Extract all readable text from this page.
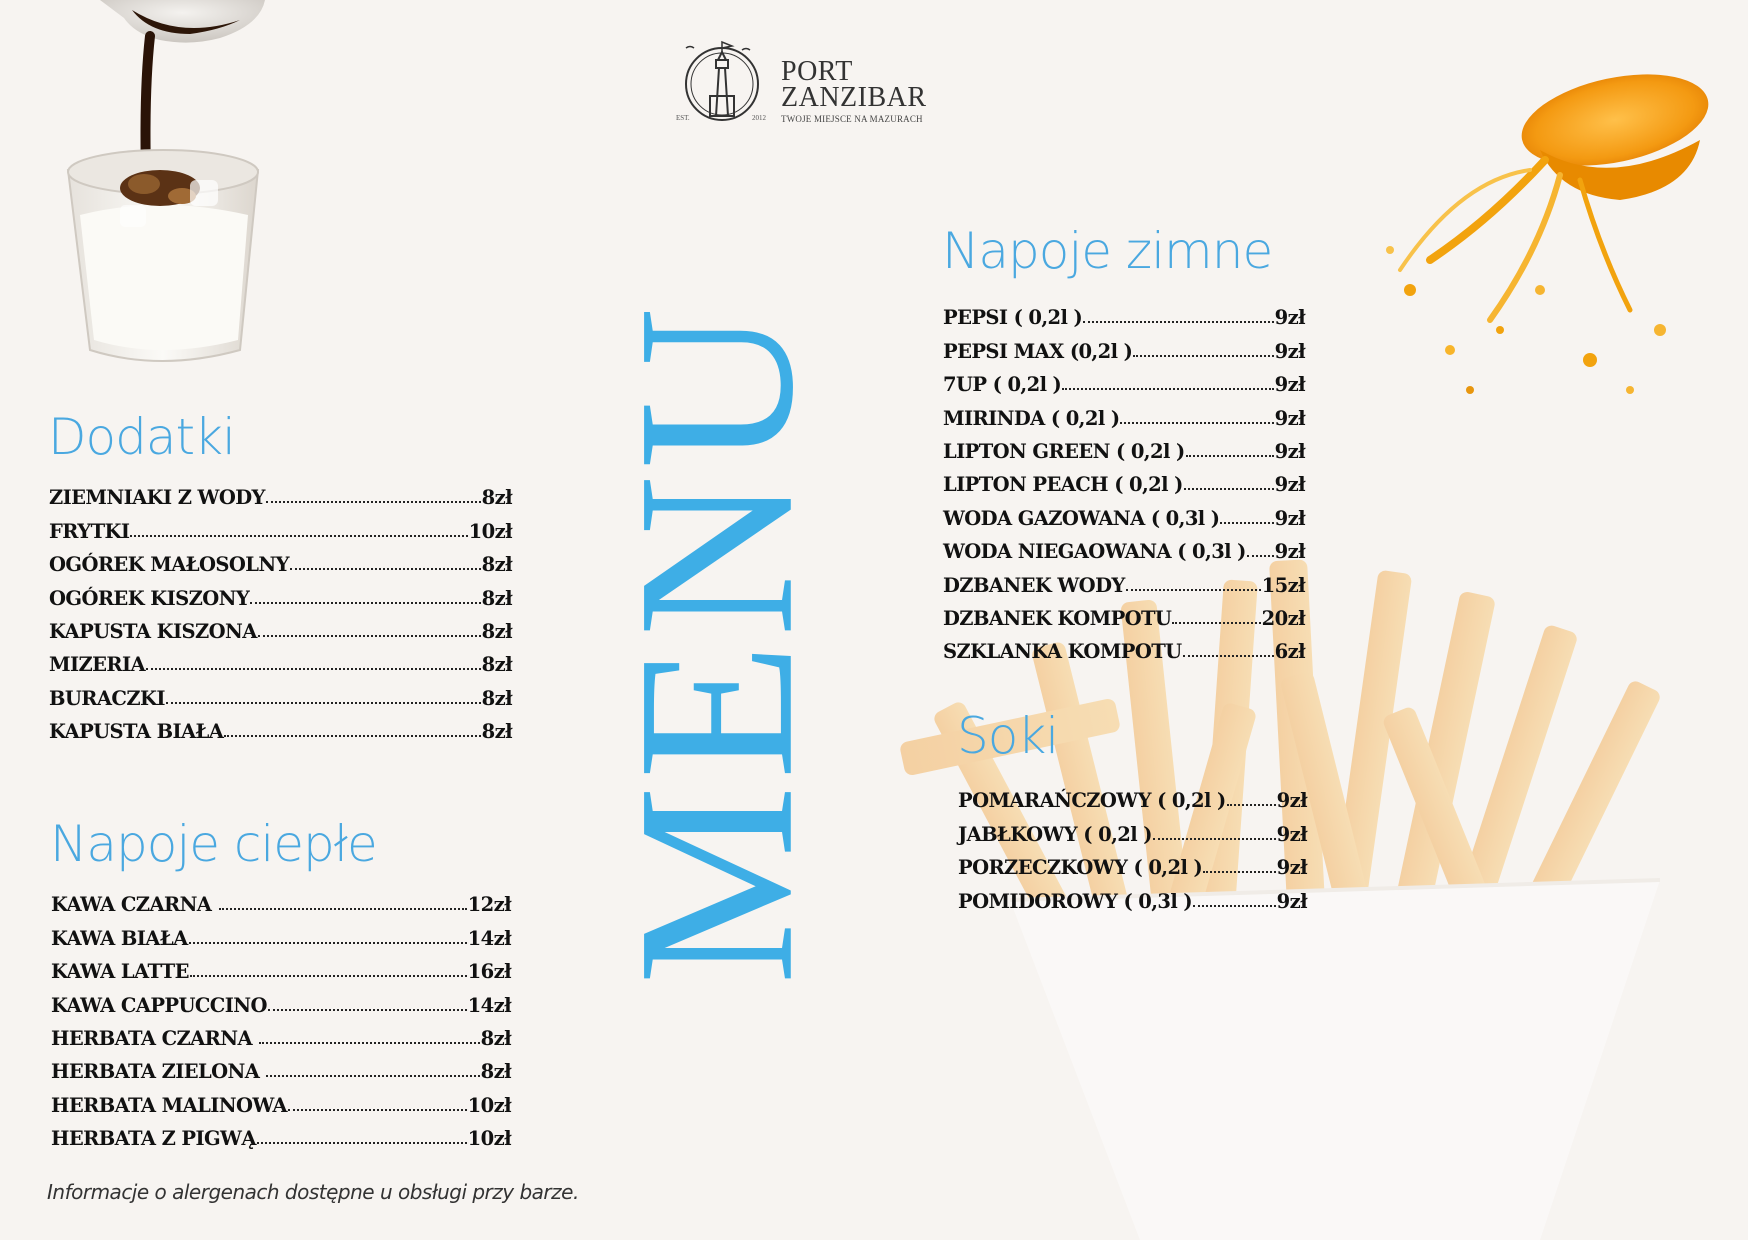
EST.	2012
PORT
ZANZIBAR
TWOJE MIEJSCE NA MAZURACH
MENU
Dodatki
ZIEMNIAKI Z WODY	8zł
FRYTKI	10zł
OGÓREK MAŁOSOLNY	8zł
OGÓREK KISZONY	8zł
KAPUSTA KISZONA	8zł
MIZERIA	8zł
BURACZKI	8zł
KAPUSTA BIAŁA	8zł
Napoje ciepłe
KAWA CZARNA	12zł
KAWA BIAŁA	14zł
KAWA LATTE	16zł
KAWA CAPPUCCINO	14zł
HERBATA CZARNA	8zł
HERBATA ZIELONA	8zł
HERBATA MALINOWA	10zł
HERBATA Z PIGWĄ	10zł
Napoje zimne
PEPSI ( 0,2l )	9zł
PEPSI MAX (0,2l )	9zł
7UP ( 0,2l )	9zł
MIRINDA ( 0,2l )	9zł
LIPTON GREEN ( 0,2l )	9zł
LIPTON PEACH ( 0,2l )	9zł
WODA GAZOWANA ( 0,3l )	9zł
WODA NIEGAOWANA ( 0,3l ) 9zł
DZBANEK WODY	15zł
DZBANEK KOMPOTU	20zł
SZKLANKA KOMPOTU	6zł
Soki
POMARAŃCZOWY ( 0,2l )	9zł
JABŁKOWY ( 0,2l )	9zł
PORZECZKOWY ( 0,2l )	9zł
POMIDOROWY ( 0,3l )	9zł

Informacje o alergenach dostępne u obsługi przy barze.
